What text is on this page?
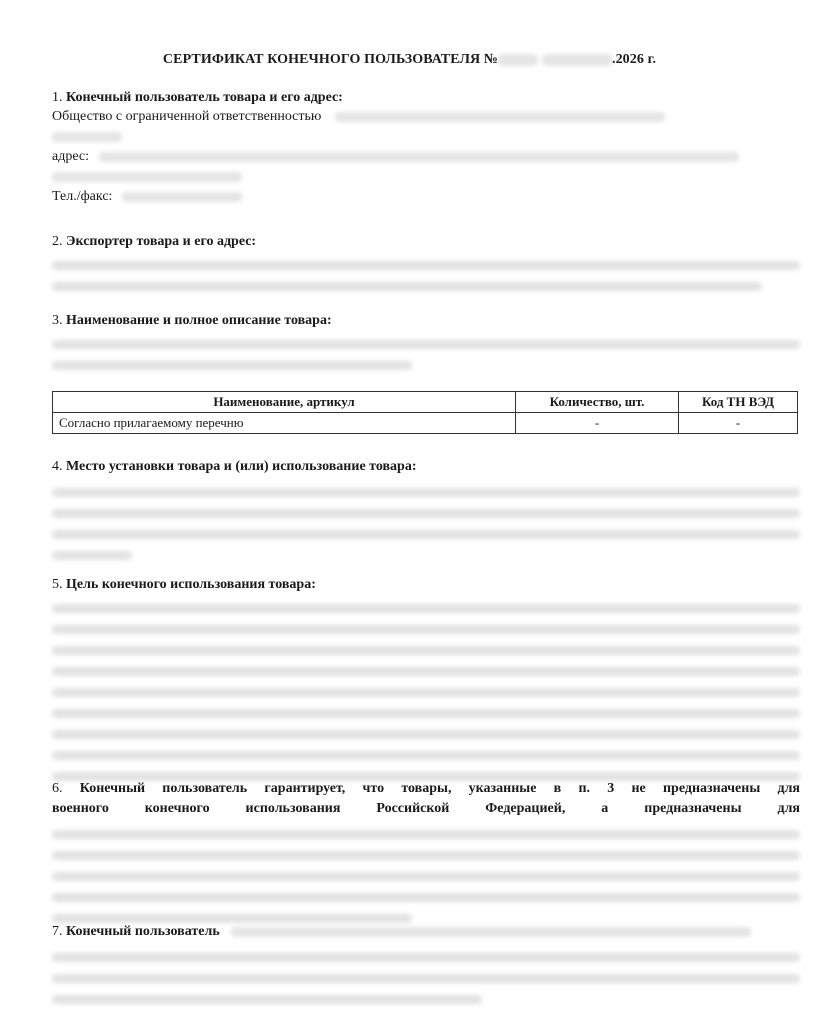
СЕРТИФИКАТ КОНЕЧНОГО ПОЛЬЗОВАТЕЛЯ №	.2026 г.
1. Конечный пользователь товара и его адрес:
Общество с ограниченной ответственностью
адрес:
Тел./факс:
2. Экспортер товара и его адрес:
3. Наименование и полное описание товара:
Наименование, артикул	Количество, шт.	Код ТН ВЭД
Согласно прилагаемому перечню	-	-
4. Место установки товара и (или) использование товара:
5. Цель конечного использования товара:
6. Конечный пользователь гарантирует, что товары, указанные в п. 3 не предназначены для
военного конечного использования Российской Федерацией, а предназначены для
7. Конечный пользователь
